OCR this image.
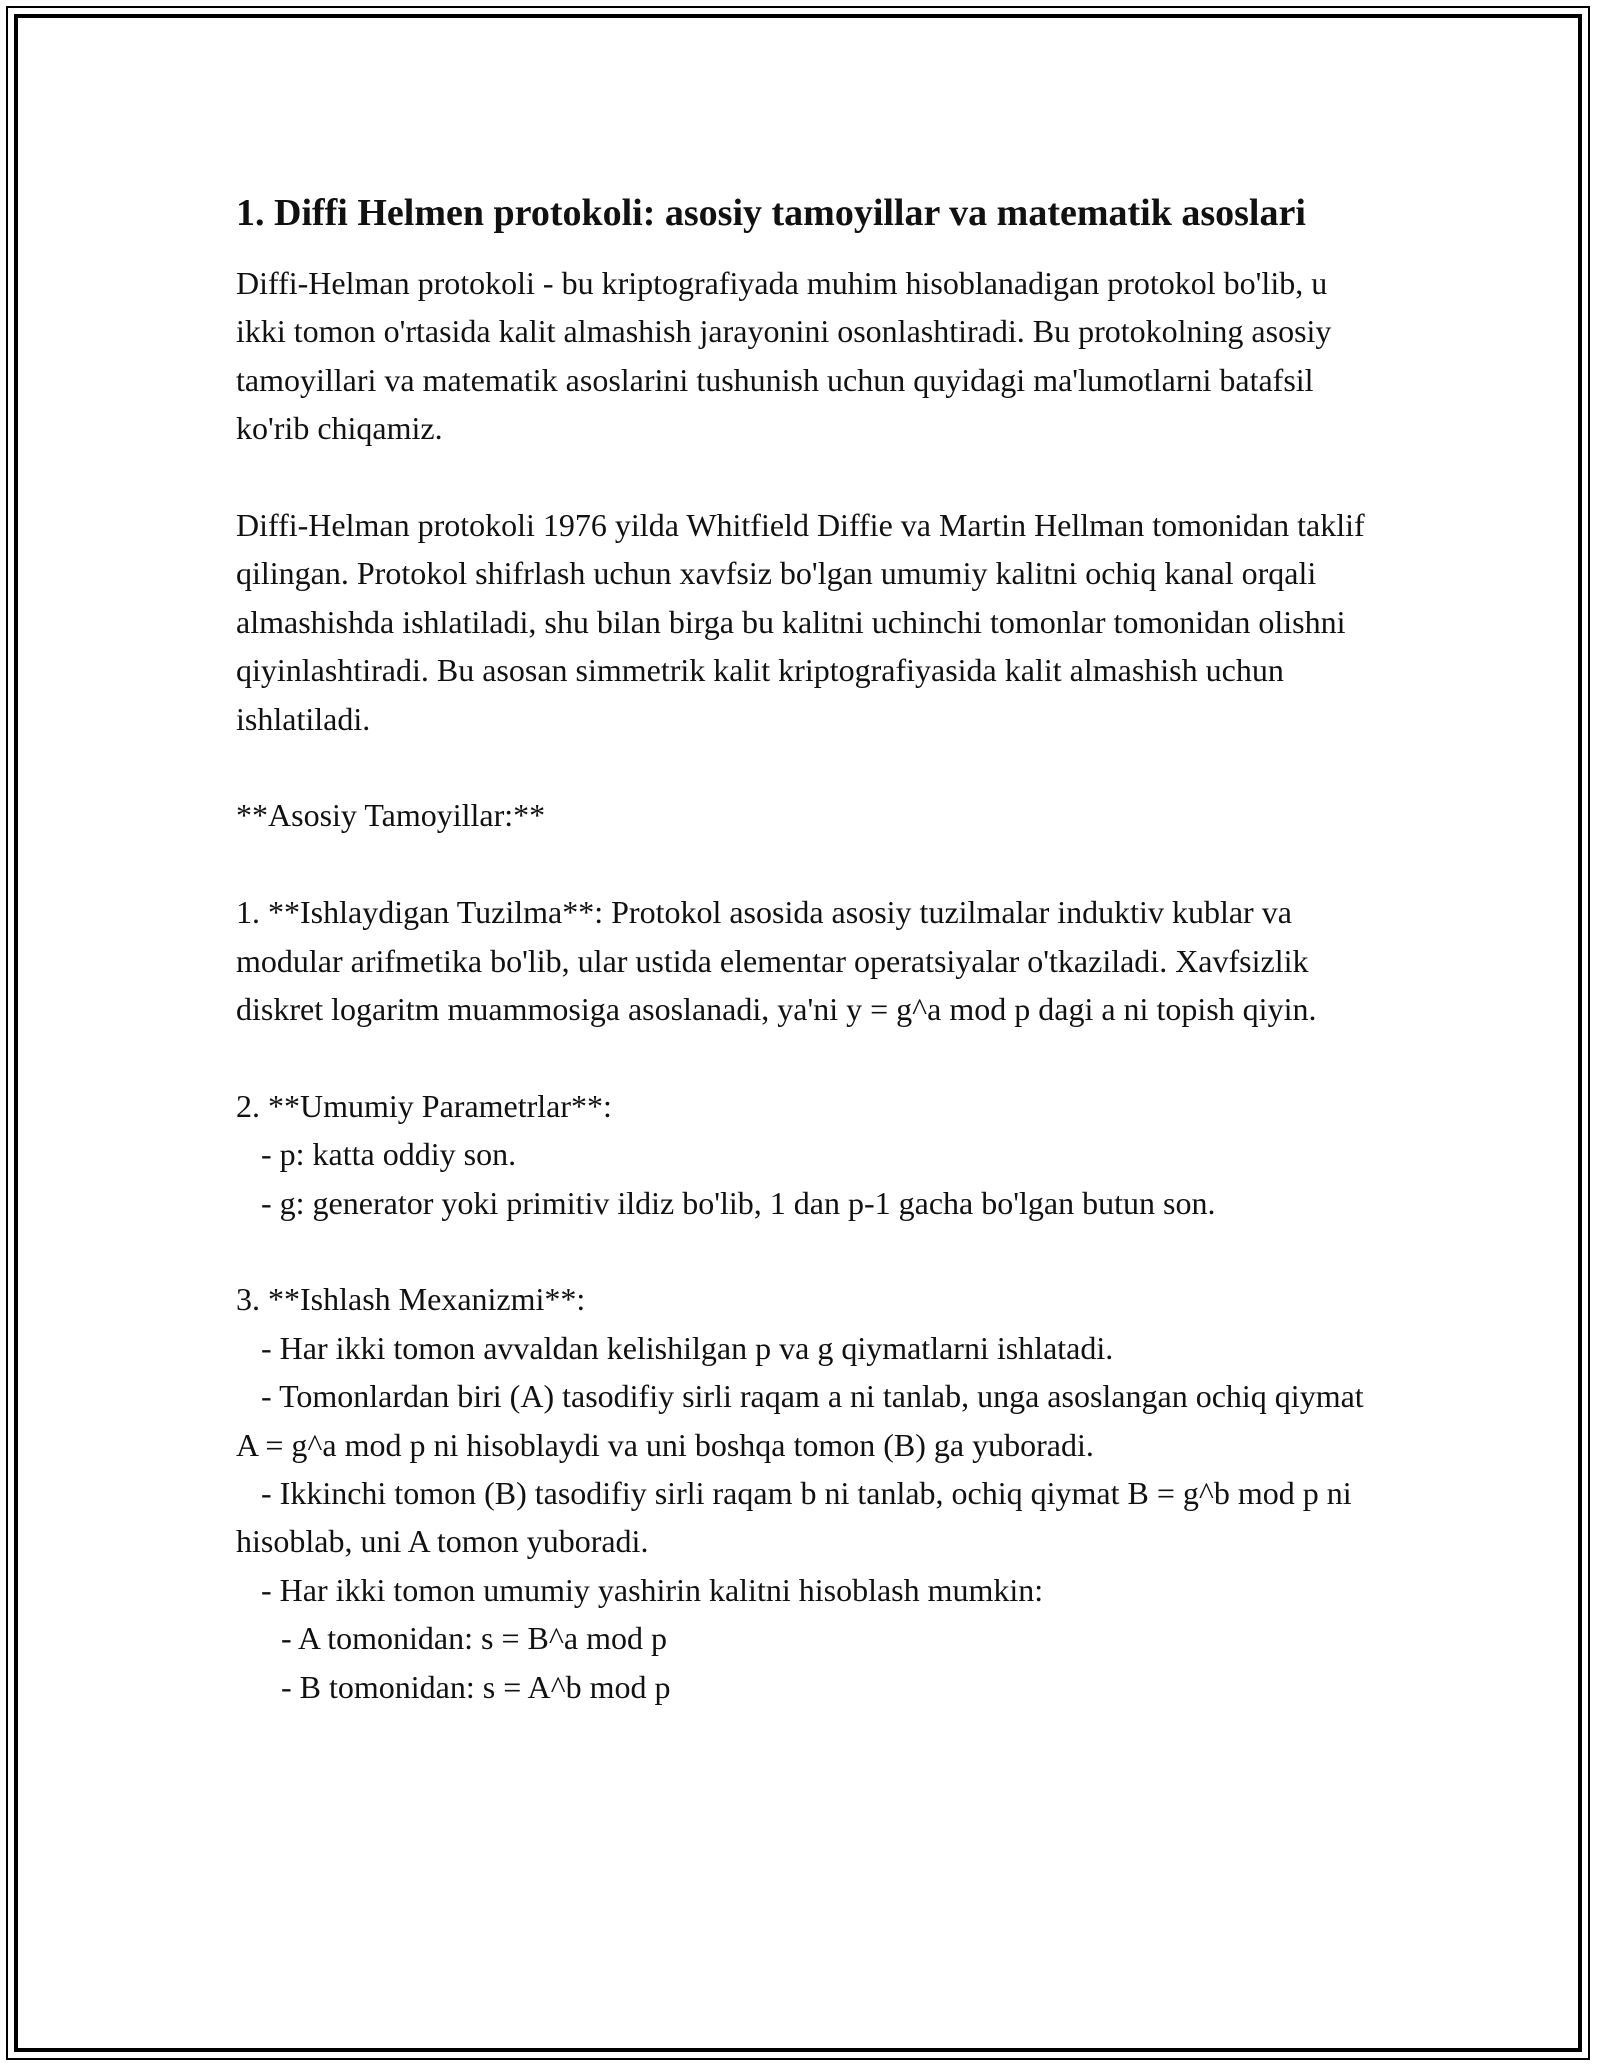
1. Diffi Helmen protokoli: asosiy tamoyillar va matematik asoslari

Diffi-Helman protokoli - bu kriptografiyada muhim hisoblanadigan protokol bo'lib, u ikki tomon o'rtasida kalit almashish jarayonini osonlashtiradi. Bu protokolning asosiy tamoyillari va matematik asoslarini tushunish uchun quyidagi ma'lumotlarni batafsil ko'rib chiqamiz.

Diffi-Helman protokoli 1976 yilda Whitfield Diffie va Martin Hellman tomonidan taklif qilingan. Protokol shifrlash uchun xavfsiz bo'lgan umumiy kalitni ochiq kanal orqali almashishda ishlatiladi, shu bilan birga bu kalitni uchinchi tomonlar tomonidan olishni qiyinlashtiradi. Bu asosan simmetrik kalit kriptografiyasida kalit almashish uchun ishlatiladi.

**Asosiy Tamoyillar:**

1. **Ishlaydigan Tuzilma**: Protokol asosida asosiy tuzilmalar induktiv kublar va modular arifmetika bo'lib, ular ustida elementar operatsiyalar o'tkaziladi. Xavfsizlik diskret logaritm muammosiga asoslanadi, ya'ni y = g^a mod p dagi a ni topish qiyin.

2. **Umumiy Parametrlar**:

- p: katta oddiy son.

- g: generator yoki primitiv ildiz bo'lib, 1 dan p-1 gacha bo'lgan butun son.

3. **Ishlash Mexanizmi**:

- Har ikki tomon avvaldan kelishilgan p va g qiymatlarni ishlatadi.

- Tomonlardan biri (A) tasodifiy sirli raqam a ni tanlab, unga asoslangan ochiq qiymat A = g^a mod p ni hisoblaydi va uni boshqa tomon (B) ga yuboradi.

- Ikkinchi tomon (B) tasodifiy sirli raqam b ni tanlab, ochiq qiymat B = g^b mod p ni hisoblab, uni A tomon yuboradi.

- Har ikki tomon umumiy yashirin kalitni hisoblash mumkin:

- A tomonidan: s = B^a mod p

- B tomonidan: s = A^b mod p
